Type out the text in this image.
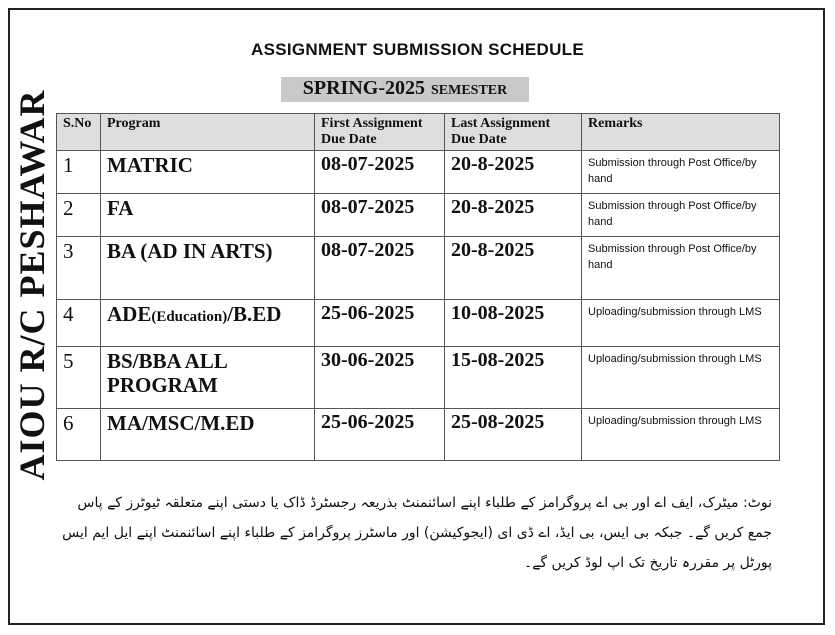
AIOU R/C PESHAWAR
ASSIGNMENT SUBMISSION SCHEDULE
SPRING-2025 SEMESTER
S.No	Program	First Assignment Due Date	Last Assignment Due Date	Remarks
1	MATRIC	08-07-2025	20-8-2025	Submission through Post Office/by hand
2	FA	08-07-2025	20-8-2025	Submission through Post Office/by hand
3	BA (AD IN ARTS)	08-07-2025	20-8-2025	Submission through Post Office/by hand
4	ADE(Education)/B.ED	25-06-2025	10-08-2025	Uploading/submission through LMS
5	BS/BBA ALL PROGRAM	30-06-2025	15-08-2025	Uploading/submission through LMS
6	MA/MSC/M.ED	25-06-2025	25-08-2025	Uploading/submission through LMS
نوٹ: میٹرک، ایف اے اور بی اے پروگرامز کے طلباء اپنے اسائنمنٹ بذریعہ رجسٹرڈ ڈاک یا دستی اپنے متعلقہ ٹیوٹرز کے پاس جمع کریں گے۔ جبکہ بی ایس، بی ایڈ، اے ڈی ای (ایجوکیشن) اور ماسٹرز پروگرامز کے طلباء اپنے اسائنمنٹ اپنے ایل ایم ایس پورٹل پر مقررہ تاریخ تک اپ لوڈ کریں گے۔
